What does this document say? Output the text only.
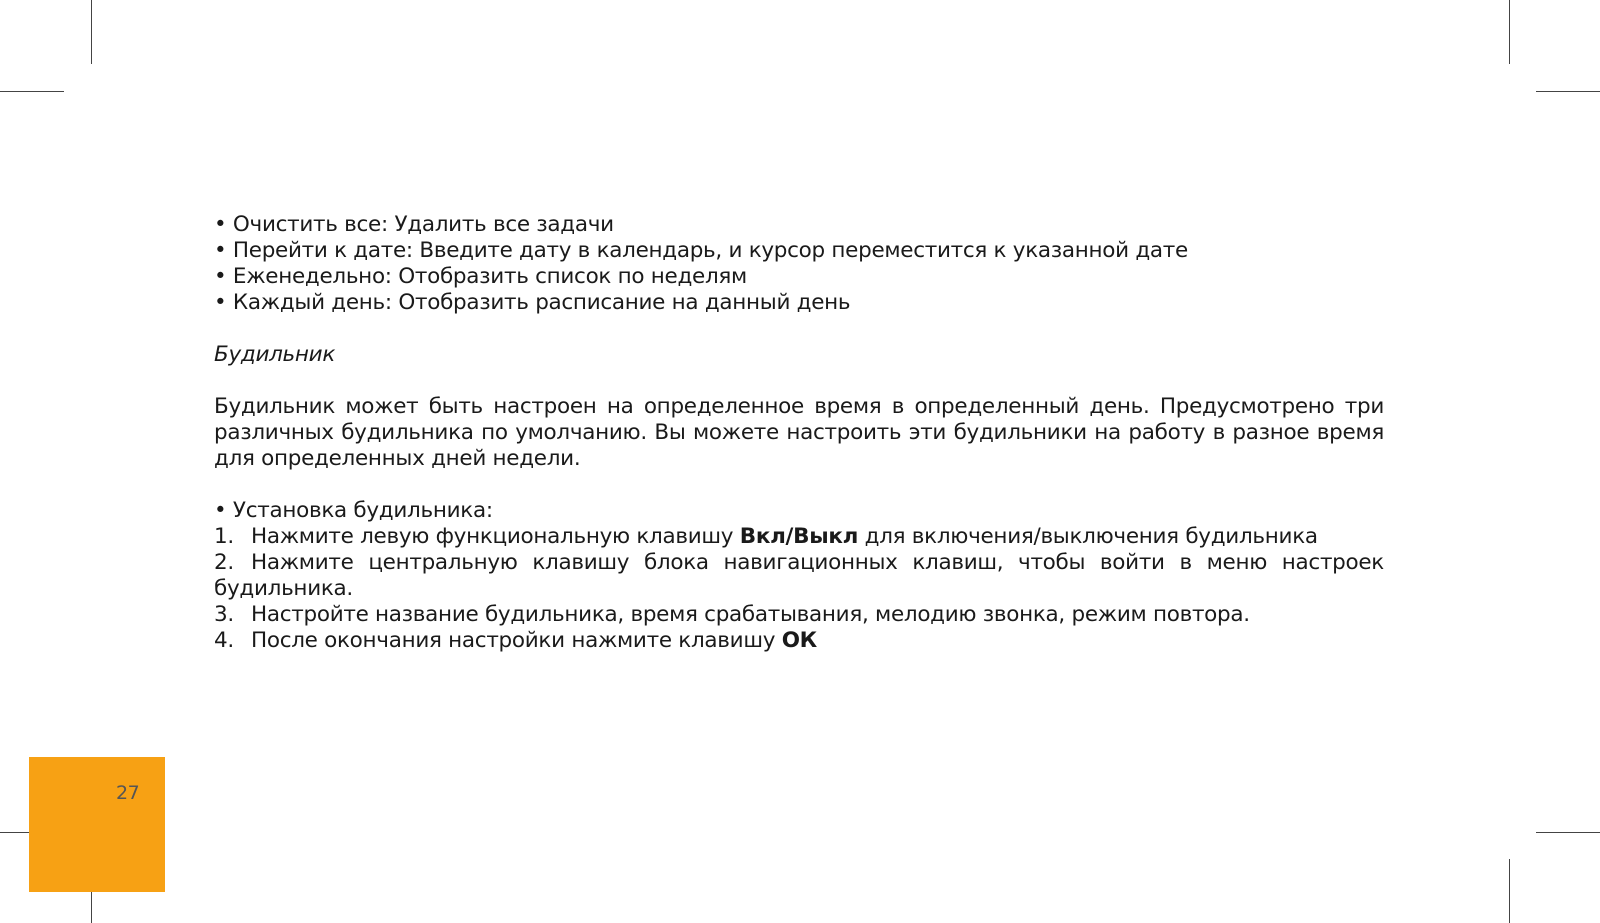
27
• Очистить все: Удалить все задачи
• Перейти к дате: Введите дату в календарь, и курсор переместится к указанной дате
• Еженедельно: Отобразить список по неделям
• Каждый день: Отобразить расписание на данный день
Будильник
Будильник может быть настроен на определенное время в определенный день. Предусмотрено три различных будильника по умолчанию. Вы можете настроить эти будильники на работу в разное время для определенных дней недели.
• Установка будильника:
1. Нажмите левую функциональную клавишу Вкл/Выкл для включения/выключения будильника
2. Нажмите центральную клавишу блока навигационных клавиш, чтобы войти в меню настроек будильника.
3. Настройте название будильника, время срабатывания, мелодию звонка, режим повтора.
4. После окончания настройки нажмите клавишу ОК
